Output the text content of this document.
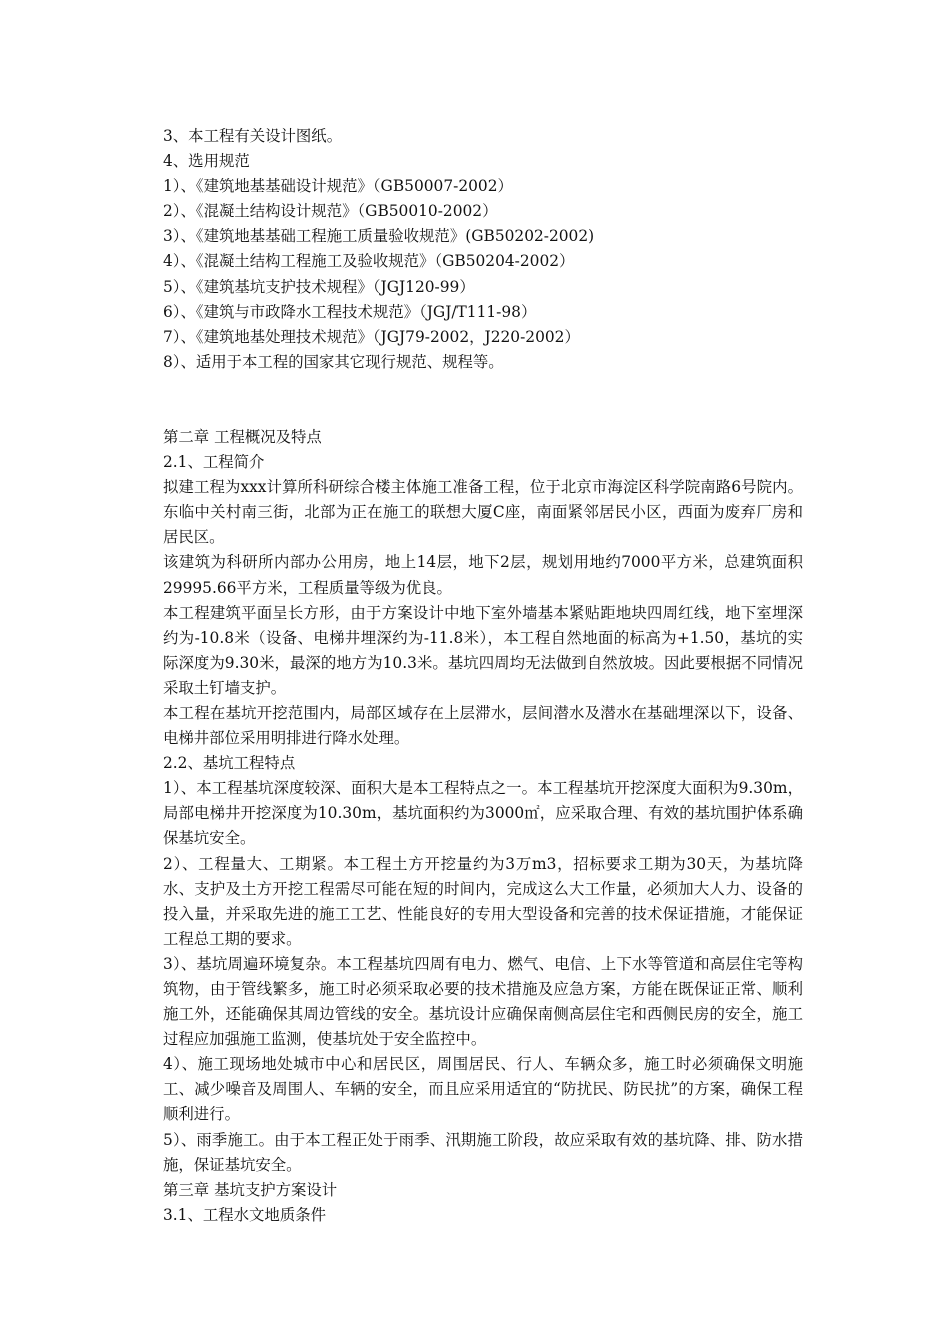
3、本工程有关设计图纸。

4、选用规范

1）、《建筑地基基础设计规范》（GB50007-2002）

2）、《混凝土结构设计规范》（GB50010-2002）

3）、《建筑地基基础工程施工质量验收规范》(GB50202-2002)

4）、《混凝土结构工程施工及验收规范》（GB50204-2002）

5）、《建筑基坑支护技术规程》（JGJ120-99）

6）、《建筑与市政降水工程技术规范》（JGJ/T111-98）

7）、《建筑地基处理技术规范》（JGJ79-2002，J220-2002）

8）、适用于本工程的国家其它现行规范、规程等。

第二章 工程概况及特点

2.1、工程简介

拟建工程为xxx计算所科研综合楼主体施工准备工程，位于北京市海淀区科学院南路6号院内。东临中关村南三街，北部为正在施工的联想大厦C座，南面紧邻居民小区，西面为废弃厂房和居民区。

该建筑为科研所内部办公用房，地上14层，地下2层，规划用地约7000平方米，总建筑面积29995.66平方米，工程质量等级为优良。

本工程建筑平面呈长方形，由于方案设计中地下室外墙基本紧贴距地块四周红线，地下室埋深约为-10.8米（设备、电梯井埋深约为-11.8米），本工程自然地面的标高为+1.50，基坑的实际深度为9.30米，最深的地方为10.3米。基坑四周均无法做到自然放坡。因此要根据不同情况采取土钉墙支护。

本工程在基坑开挖范围内，局部区域存在上层滞水，层间潜水及潜水在基础埋深以下，设备、电梯井部位采用明排进行降水处理。

2.2、基坑工程特点

1）、本工程基坑深度较深、面积大是本工程特点之一。本工程基坑开挖深度大面积为9.30m，局部电梯井开挖深度为10.30m，基坑面积约为3000㎡，应采取合理、有效的基坑围护体系确保基坑安全。

2）、工程量大、工期紧。本工程土方开挖量约为3万m3，招标要求工期为30天，为基坑降水、支护及土方开挖工程需尽可能在短的时间内，完成这么大工作量，必须加大人力、设备的投入量，并采取先进的施工工艺、性能良好的专用大型设备和完善的技术保证措施，才能保证工程总工期的要求。

3）、基坑周遍环境复杂。本工程基坑四周有电力、燃气、电信、上下水等管道和高层住宅等构筑物，由于管线繁多，施工时必须采取必要的技术措施及应急方案，方能在既保证正常、顺利施工外，还能确保其周边管线的安全。基坑设计应确保南侧高层住宅和西侧民房的安全，施工过程应加强施工监测，使基坑处于安全监控中。

4）、施工现场地处城市中心和居民区，周围居民、行人、车辆众多，施工时必须确保文明施工、减少噪音及周围人、车辆的安全，而且应采用适宜的“防扰民、防民扰”的方案，确保工程顺利进行。

5）、雨季施工。由于本工程正处于雨季、汛期施工阶段，故应采取有效的基坑降、排、防水措施，保证基坑安全。

第三章 基坑支护方案设计

3.1、工程水文地质条件
